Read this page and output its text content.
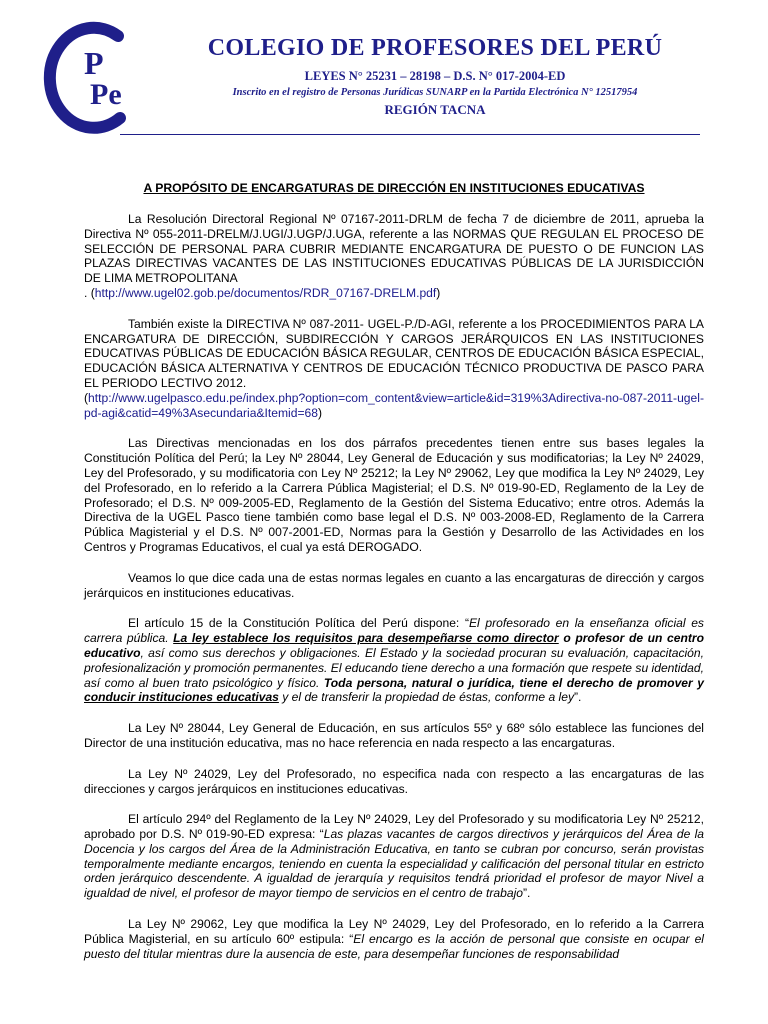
P
Pe
COLEGIO DE PROFESORES DEL PERÚ
LEYES N° 25231 – 28198 – D.S. N° 017-2004-ED
Inscrito en el registro de Personas Jurídicas SUNARP en la Partida Electrónica N° 12517954
REGIÓN TACNA
A PROPÓSITO DE ENCARGATURAS DE DIRECCIÓN EN INSTITUCIONES EDUCATIVAS

La Resolución Directoral Regional Nº 07167-2011-DRLM de fecha 7 de diciembre de 2011, aprueba la Directiva Nº 055-2011-DRELM/J.UGI/J.UGP/J.UGA, referente a las NORMAS QUE REGULAN EL PROCESO DE SELECCIÓN DE PERSONAL PARA CUBRIR MEDIANTE ENCARGATURA DE PUESTO O DE FUNCION LAS PLAZAS DIRECTIVAS VACANTES DE LAS INSTITUCIONES EDUCATIVAS PÚBLICAS DE LA JURISDICCIÓN DE LIMA METROPOLITANA
. (http://www.ugel02.gob.pe/documentos/RDR_07167-DRELM.pdf)

También existe la DIRECTIVA Nº 087-2011- UGEL-P./D-AGI, referente a los PROCEDIMIENTOS PARA LA ENCARGATURA DE DIRECCIÓN, SUBDIRECCIÓN Y CARGOS JERÁRQUICOS EN LAS INSTITUCIONES EDUCATIVAS PÚBLICAS DE EDUCACIÓN BÁSICA REGULAR, CENTROS DE EDUCACIÓN BÁSICA ESPECIAL, EDUCACIÓN BÁSICA ALTERNATIVA Y CENTROS DE EDUCACIÓN TÉCNICO PRODUCTIVA DE PASCO PARA EL PERIODO LECTIVO 2012.
(http://www.ugelpasco.edu.pe/index.php?option=com_content&view=article&id=319%3Adirectiva-no-087-2011-ugel-pd-agi&catid=49%3Asecundaria&Itemid=68)

Las Directivas mencionadas en los dos párrafos precedentes tienen entre sus bases legales la Constitución Política del Perú; la Ley Nº 28044, Ley General de Educación y sus modificatorias; la Ley Nº 24029, Ley del Profesorado, y su modificatoria con Ley Nº 25212; la Ley Nº 29062, Ley que modifica la Ley Nº 24029, Ley del Profesorado, en lo referido a la Carrera Pública Magisterial; el D.S. Nº 019-90-ED, Reglamento de la Ley de Profesorado; el D.S. Nº 009-2005-ED, Reglamento de la Gestión del Sistema Educativo; entre otros. Además la Directiva de la UGEL Pasco tiene también como base legal el D.S. Nº 003-2008-ED, Reglamento de la Carrera Pública Magisterial y el D.S. Nº 007-2001-ED, Normas para la Gestión y Desarrollo de las Actividades en los Centros y Programas Educativos, el cual ya está DEROGADO.

Veamos lo que dice cada una de estas normas legales en cuanto a las encargaturas de dirección y cargos jerárquicos en instituciones educativas.

El artículo 15 de la Constitución Política del Perú dispone: “El profesorado en la enseñanza oficial es carrera pública. La ley establece los requisitos para desempeñarse como director o profesor de un centro educativo, así como sus derechos y obligaciones. El Estado y la sociedad procuran su evaluación, capacitación, profesionalización y promoción permanentes. El educando tiene derecho a una formación que respete su identidad, así como al buen trato psicológico y físico. Toda persona, natural o jurídica, tiene el derecho de promover y conducir instituciones educativas y el de transferir la propiedad de éstas, conforme a ley”.

La Ley Nº 28044, Ley General de Educación, en sus artículos 55º y 68º sólo establece las funciones del Director de una institución educativa, mas no hace referencia en nada respecto a las encargaturas.

La Ley Nº 24029, Ley del Profesorado, no especifica nada con respecto a las encargaturas de las direcciones y cargos jerárquicos en instituciones educativas.

El artículo 294º del Reglamento de la Ley Nº 24029, Ley del Profesorado y su modificatoria Ley Nº 25212, aprobado por D.S. Nº 019-90-ED expresa: “Las plazas vacantes de cargos directivos y jerárquicos del Área de la Docencia y los cargos del Área de la Administración Educativa, en tanto se cubran por concurso, serán provistas temporalmente mediante encargos, teniendo en cuenta la especialidad y calificación del personal titular en estricto orden jerárquico descendente. A igualdad de jerarquía y requisitos tendrá prioridad el profesor de mayor Nivel a igualdad de nivel, el profesor de mayor tiempo de servicios en el centro de trabajo”.

La Ley Nº 29062, Ley que modifica la Ley Nº 24029, Ley del Profesorado, en lo referido a la Carrera Pública Magisterial, en su artículo 60º estipula: “El encargo es la acción de personal que consiste en ocupar el puesto del titular mientras dure la ausencia de este, para desempeñar funciones de responsabilidad
